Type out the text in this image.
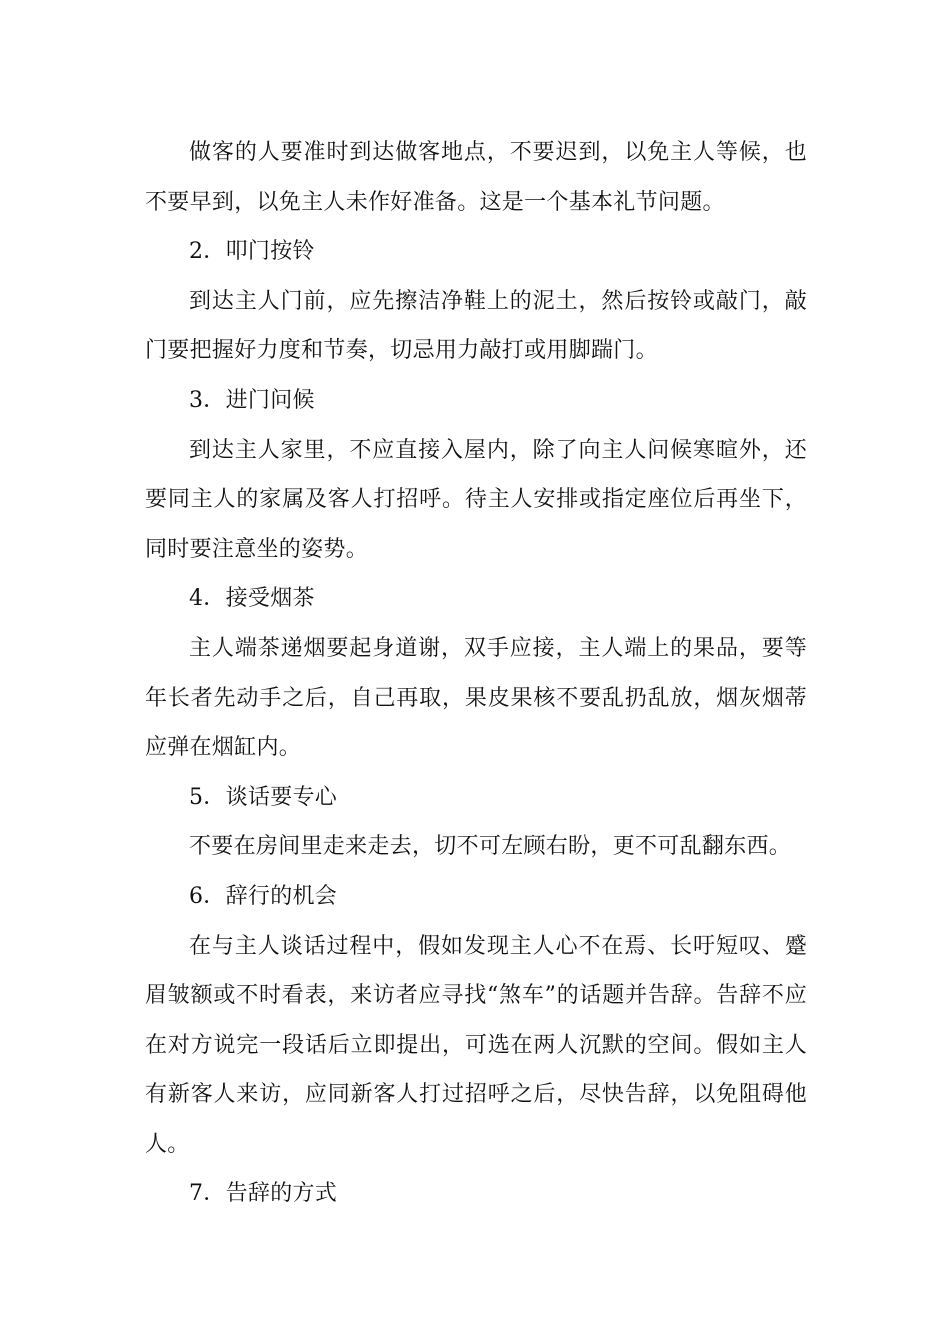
做客的人要准时到达做客地点，不要迟到，以免主人等候，也不要早到，以免主人未作好准备。这是一个基本礼节问题。

2．叩门按铃

到达主人门前，应先擦洁净鞋上的泥土，然后按铃或敲门，敲门要把握好力度和节奏，切忌用力敲打或用脚踹门。

3．进门问候

到达主人家里，不应直接入屋内，除了向主人问候寒暄外，还要同主人的家属及客人打招呼。待主人安排或指定座位后再坐下，同时要注意坐的姿势。

4．接受烟茶

主人端茶递烟要起身道谢，双手应接，主人端上的果品，要等年长者先动手之后，自己再取，果皮果核不要乱扔乱放，烟灰烟蒂应弹在烟缸内。

5．谈话要专心

不要在房间里走来走去，切不可左顾右盼，更不可乱翻东西。

6．辞行的机会

在与主人谈话过程中，假如发现主人心不在焉、长吁短叹、蹙眉皱额或不时看表，来访者应寻找“煞车”的话题并告辞。告辞不应在对方说完一段话后立即提出，可选在两人沉默的空间。假如主人有新客人来访，应同新客人打过招呼之后，尽快告辞，以免阻碍他人。

7．告辞的方式
